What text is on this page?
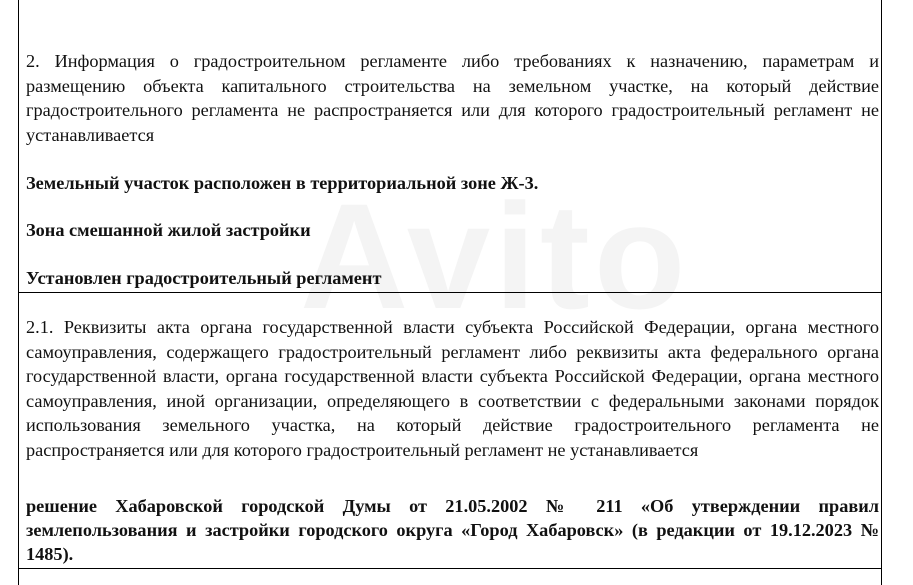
2. Информация о градостроительном регламенте либо требованиях к назначению, параметрам и размещению объекта капитального строительства на земельном участке, на который действие градостроительного регламента не распространяется или для которого градостроительный регламент не устанавливается

Земельный участок расположен в территориальной зоне Ж-3.

Зона смешанной жилой застройки

Установлен градостроительный регламент

2.1. Реквизиты акта органа государственной власти субъекта Российской Федерации, органа местного самоуправления, содержащего градостроительный регламент либо реквизиты акта федерального органа государственной власти, органа государственной власти субъекта Российской Федерации, органа местного самоуправления, иной организации, определяющего в соответствии с федеральными законами порядок использования земельного участка, на который действие градостроительного регламента не распространяется или для которого градостроительный регламент не устанавливается

решение Хабаровской городской Думы от 21.05.2002 № 211 «Об утверждении правил землепользования и застройки городского округа «Город Хабаровск» (в редакции от 19.12.2023 № 1485).
